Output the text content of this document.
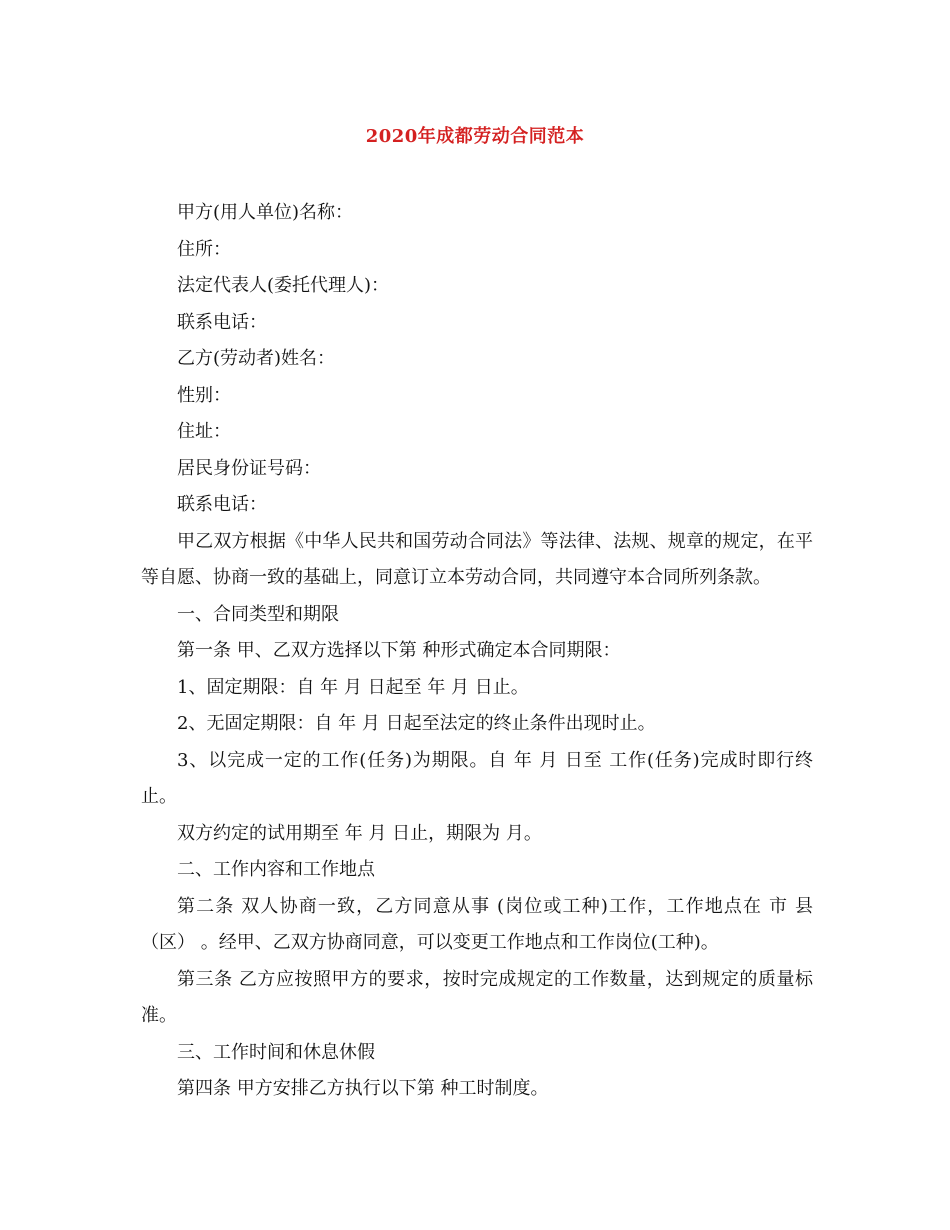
2020年成都劳动合同范本

甲方(用人单位)名称：

住所：

法定代表人(委托代理人)：

联系电话：

乙方(劳动者)姓名：

性别：

住址：

居民身份证号码：

联系电话：

甲乙双方根据《中华人民共和国劳动合同法》等法律、法规、规章的规定，在平等自愿、协商一致的基础上，同意订立本劳动合同，共同遵守本合同所列条款。

一、合同类型和期限

第一条 甲、乙双方选择以下第 种形式确定本合同期限：

1、固定期限：自 年 月 日起至 年 月 日止。

2、无固定期限：自 年 月 日起至法定的终止条件出现时止。

3、以完成一定的工作(任务)为期限。自 年 月 日至 工作(任务)完成时即行终止。

双方约定的试用期至 年 月 日止，期限为 月。

二、工作内容和工作地点

第二条 双人协商一致，乙方同意从事 (岗位或工种)工作，工作地点在 市 县（区） 。经甲、乙双方协商同意，可以变更工作地点和工作岗位(工种)。

第三条 乙方应按照甲方的要求，按时完成规定的工作数量，达到规定的质量标准。

三、工作时间和休息休假

第四条 甲方安排乙方执行以下第 种工时制度。
